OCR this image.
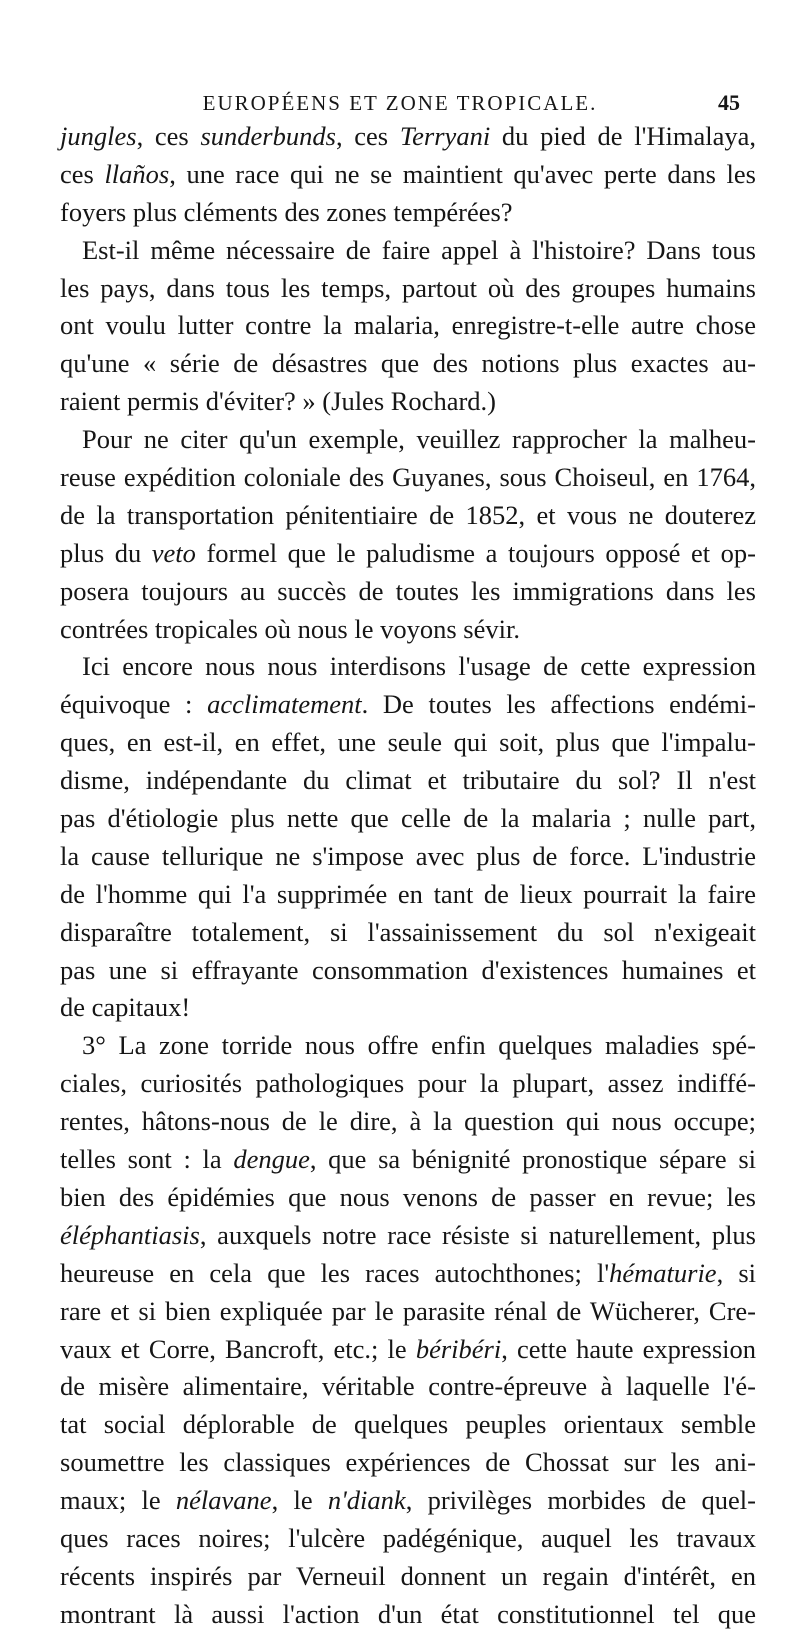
EUROPÉENS ET ZONE TROPICALE.	45
jungles, ces sunderbunds, ces Terryani du pied de l'Himalaya,
ces llaños, une race qui ne se maintient qu'avec perte dans les
foyers plus cléments des zones tempérées?
Est-il même nécessaire de faire appel à l'histoire? Dans tous
les pays, dans tous les temps, partout où des groupes humains
ont voulu lutter contre la malaria, enregistre-t-elle autre chose
qu'une « série de désastres que des notions plus exactes au-
raient permis d'éviter? » (Jules Rochard.)
Pour ne citer qu'un exemple, veuillez rapprocher la malheu-
reuse expédition coloniale des Guyanes, sous Choiseul, en 1764,
de la transportation pénitentiaire de 1852, et vous ne douterez
plus du veto formel que le paludisme a toujours opposé et op-
posera toujours au succès de toutes les immigrations dans les
contrées tropicales où nous le voyons sévir.
Ici encore nous nous interdisons l'usage de cette expression
équivoque : acclimatement. De toutes les affections endémi-
ques, en est-il, en effet, une seule qui soit, plus que l'impalu-
disme, indépendante du climat et tributaire du sol? Il n'est
pas d'étiologie plus nette que celle de la malaria ; nulle part,
la cause tellurique ne s'impose avec plus de force. L'industrie
de l'homme qui l'a supprimée en tant de lieux pourrait la faire
disparaître totalement, si l'assainissement du sol n'exigeait
pas une si effrayante consommation d'existences humaines et
de capitaux!
3° La zone torride nous offre enfin quelques maladies spé-
ciales, curiosités pathologiques pour la plupart, assez indiffé-
rentes, hâtons-nous de le dire, à la question qui nous occupe;
telles sont : la dengue, que sa bénignité pronostique sépare si
bien des épidémies que nous venons de passer en revue; les
éléphantiasis, auxquels notre race résiste si naturellement, plus
heureuse en cela que les races autochthones; l'hématurie, si
rare et si bien expliquée par le parasite rénal de Wücherer, Cre-
vaux et Corre, Bancroft, etc.; le béribéri, cette haute expression
de misère alimentaire, véritable contre-épreuve à laquelle l'é-
tat social déplorable de quelques peuples orientaux semble
soumettre les classiques expériences de Chossat sur les ani-
maux; le nélavane, le n'diank, privilèges morbides de quel-
ques races noires; l'ulcère padégénique, auquel les travaux
récents inspirés par Verneuil donnent un regain d'intérêt, en
montrant là aussi l'action d'un état constitutionnel tel que
